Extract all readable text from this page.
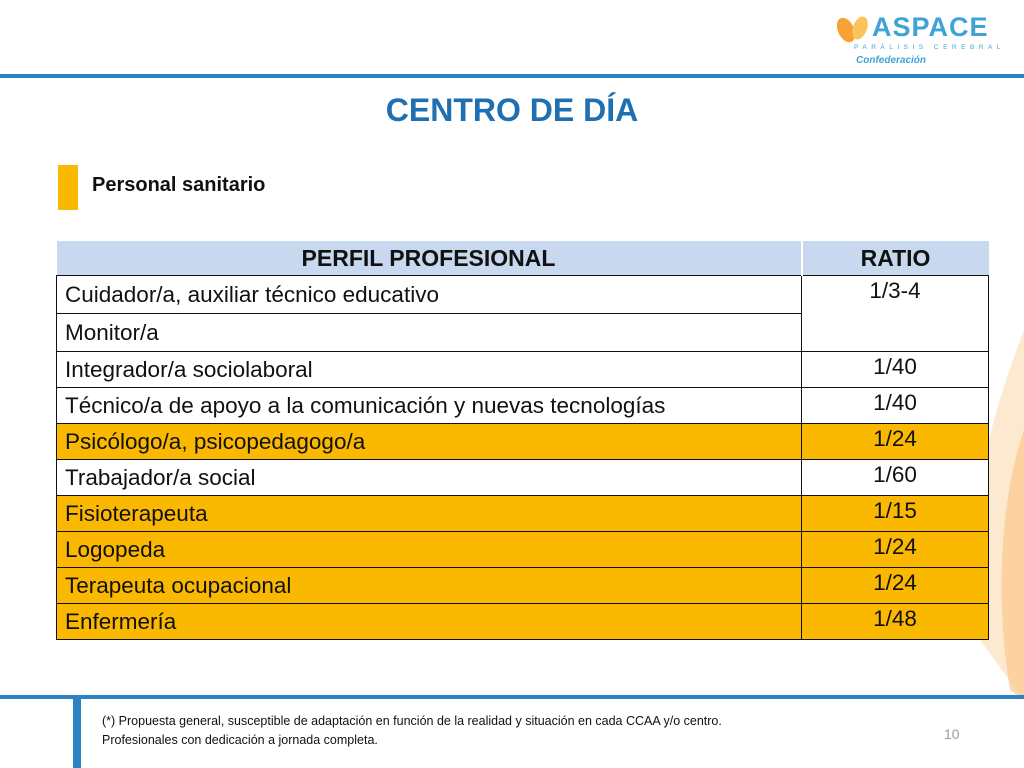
ASPACE
PARÁLISIS CEREBRAL
Confederación
CENTRO DE DÍA
Personal sanitario
PERFIL PROFESIONAL	RATIO
Cuidador/a, auxiliar técnico educativo	1/3-4
Monitor/a	
Integrador/a sociolaboral	1/40
Técnico/a de apoyo a la comunicación y nuevas tecnologías	1/40
Psicólogo/a, psicopedagogo/a	1/24
Trabajador/a social	1/60
Fisioterapeuta	1/15
Logopeda	1/24
Terapeuta ocupacional	1/24
Enfermería	1/48
(*) Propuesta general, susceptible de adaptación en función de la realidad y situación en cada CCAA y/o centro.
Profesionales con dedicación a jornada completa.	10
